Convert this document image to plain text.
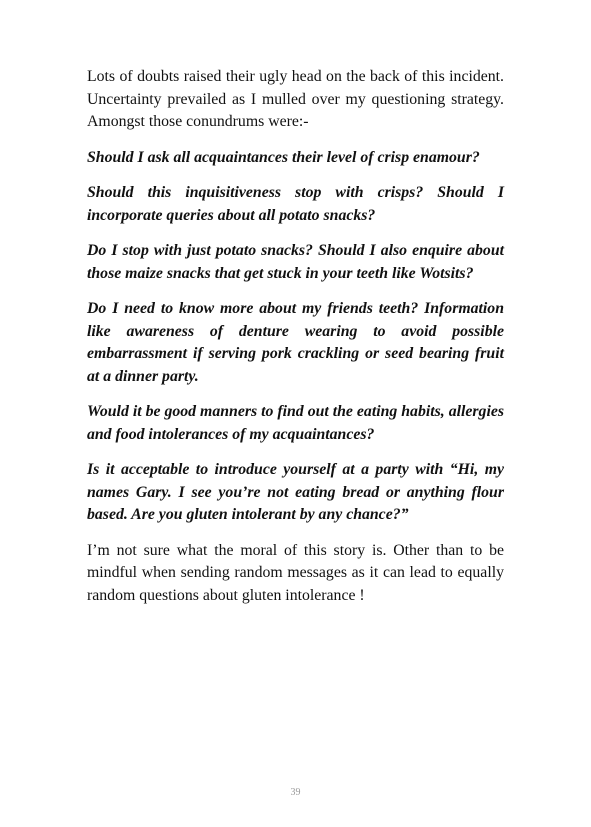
Lots of doubts raised their ugly head on the back of this incident. Uncertainty prevailed as I mulled over my questioning strategy. Amongst those conundrums were:-

Should I ask all acquaintances their level of crisp enamour?

Should this inquisitiveness stop with crisps? Should I incorporate queries about all potato snacks?

Do I stop with just potato snacks? Should I also enquire about those maize snacks that get stuck in your teeth like Wotsits?

Do I need to know more about my friends teeth? Information like awareness of denture wearing to avoid possible embarrassment if serving pork crackling or seed bearing fruit at a dinner party.

Would it be good manners to find out the eating habits, allergies and food intolerances of my acquaintances?

Is it acceptable to introduce yourself at a party with “Hi, my names Gary. I see you’re not eating bread or anything flour based. Are you gluten intolerant by any chance?”

I’m not sure what the moral of this story is. Other than to be mindful when sending random messages as it can lead to equally random questions about gluten intolerance !

39
